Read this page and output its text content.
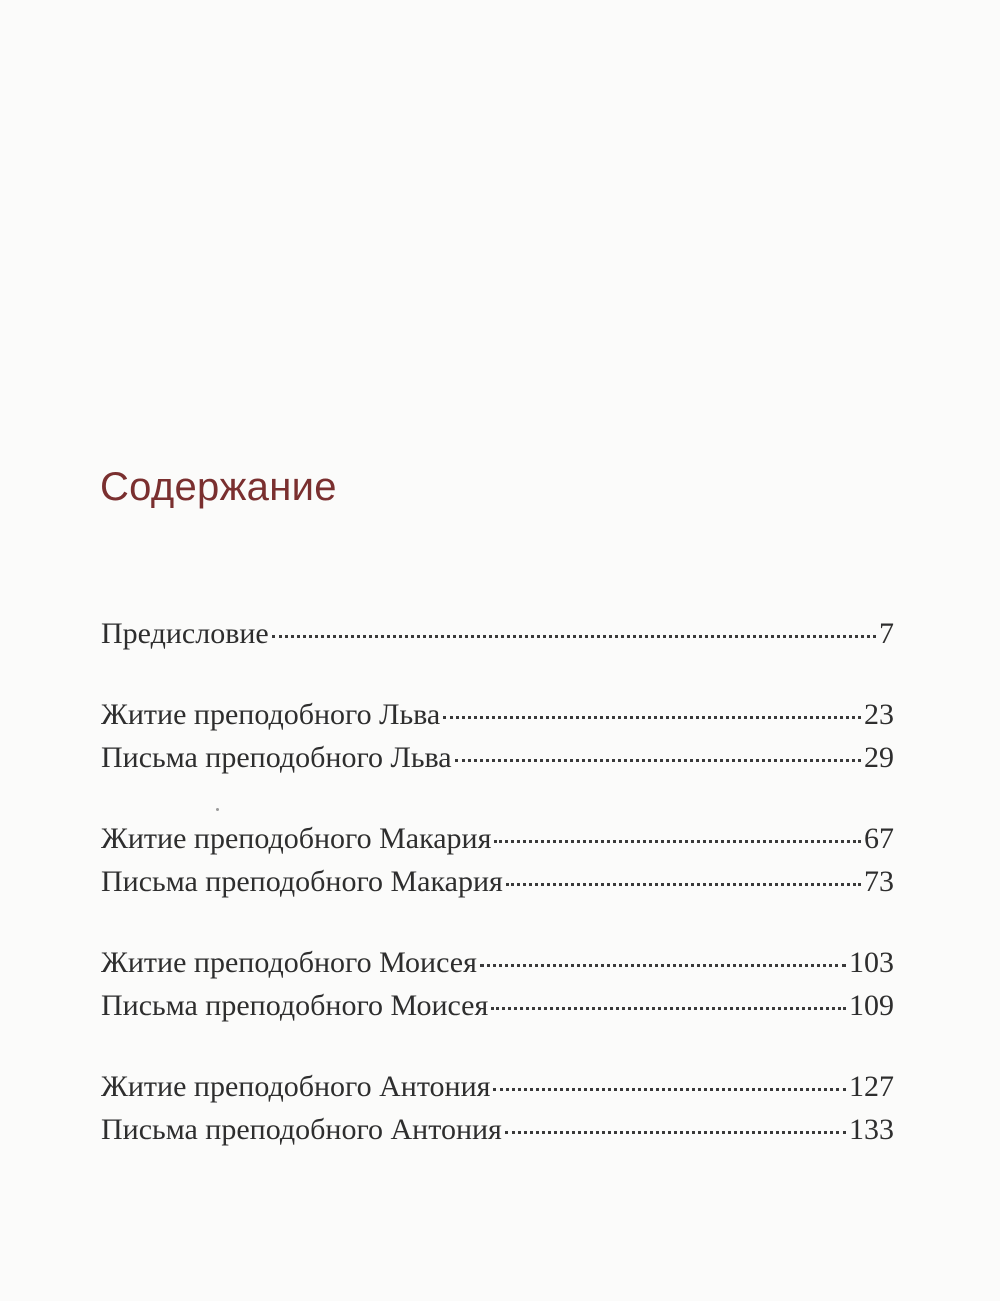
Содержание
Предисловие	7
Житие преподобного Льва	23
Письма преподобного Льва	29
Житие преподобного Макария	67
Письма преподобного Макария	73
Житие преподобного Моисея	103
Письма преподобного Моисея	109
Житие преподобного Антония	127
Письма преподобного Антония	133
